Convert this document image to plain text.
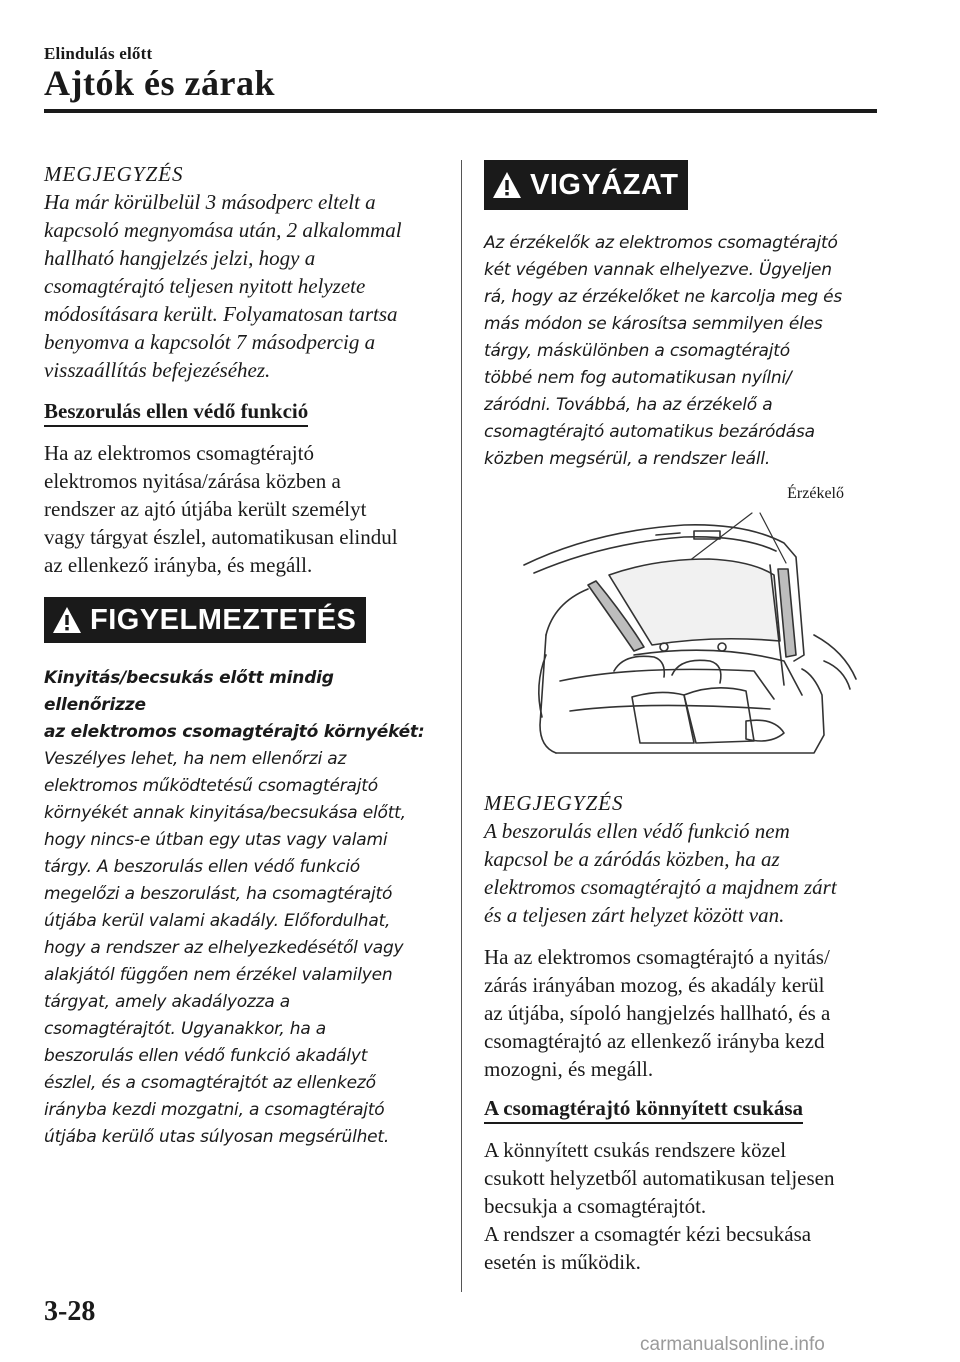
Elindulás előtt
Ajtók és zárak

MEGJEGYZÉS

Ha már körülbelül 3 másodperc eltelt a
kapcsoló megnyomása után, 2 alkalommal
hallható hangjelzés jelzi, hogy a
csomagtérajtó teljesen nyitott helyzete
módosításara került. Folyamatosan tartsa
benyomva a kapcsolót 7 másodpercig a
visszaállítás befejezéséhez.

Beszorulás ellen védő funkció

Ha az elektromos csomagtérajtó
elektromos nyitása/zárása közben a
rendszer az ajtó útjába került személyt
vagy tárgyat észlel, automatikusan elindul
az ellenkező irányba, és megáll.

FIGYELMEZTETÉS

Kinyitás/becsukás előtt mindig ellenőrizze
az elektromos csomagtérajtó környékét:

Veszélyes lehet, ha nem ellenőrzi az
elektromos működtetésű csomagtérajtó
környékét annak kinyitása/becsukása előtt,
hogy nincs-e útban egy utas vagy valami
tárgy. A beszorulás ellen védő funkció
megelőzi a beszorulást, ha csomagtérajtó
útjába kerül valami akadály. Előfordulhat,
hogy a rendszer az elhelyezkedésétől vagy
alakjától függően nem érzékel valamilyen
tárgyat, amely akadályozza a
csomagtérajtót. Ugyanakkor, ha a
beszorulás ellen védő funkció akadályt
észlel, és a csomagtérajtót az ellenkező
irányba kezdi mozgatni, a csomagtérajtó
útjába kerülő utas súlyosan megsérülhet.

VIGYÁZAT

Az érzékelők az elektromos csomagtérajtó
két végében vannak elhelyezve. Ügyeljen
rá, hogy az érzékelőket ne karcolja meg és
más módon se károsítsa semmilyen éles
tárgy, máskülönben a csomagtérajtó
többé nem fog automatikusan nyílni/
záródni. Továbbá, ha az érzékelő a
csomagtérajtó automatikus bezáródása
közben megsérül, a rendszer leáll.

Érzékelő

MEGJEGYZÉS

A beszorulás ellen védő funkció nem
kapcsol be a záródás közben, ha az
elektromos csomagtérajtó a majdnem zárt
és a teljesen zárt helyzet között van.

Ha az elektromos csomagtérajtó a nyitás/
zárás irányában mozog, és akadály kerül
az útjába, sípoló hangjelzés hallható, és a
csomagtérajtó az ellenkező irányba kezd
mozogni, és megáll.

A csomagtérajtó könnyített csukása

A könnyített csukás rendszere közel
csukott helyzetből automatikusan teljesen
becsukja a csomagtérajtót.
A rendszer a csomagtér kézi becsukása
esetén is működik.

3-28
carmanualsonline.info
